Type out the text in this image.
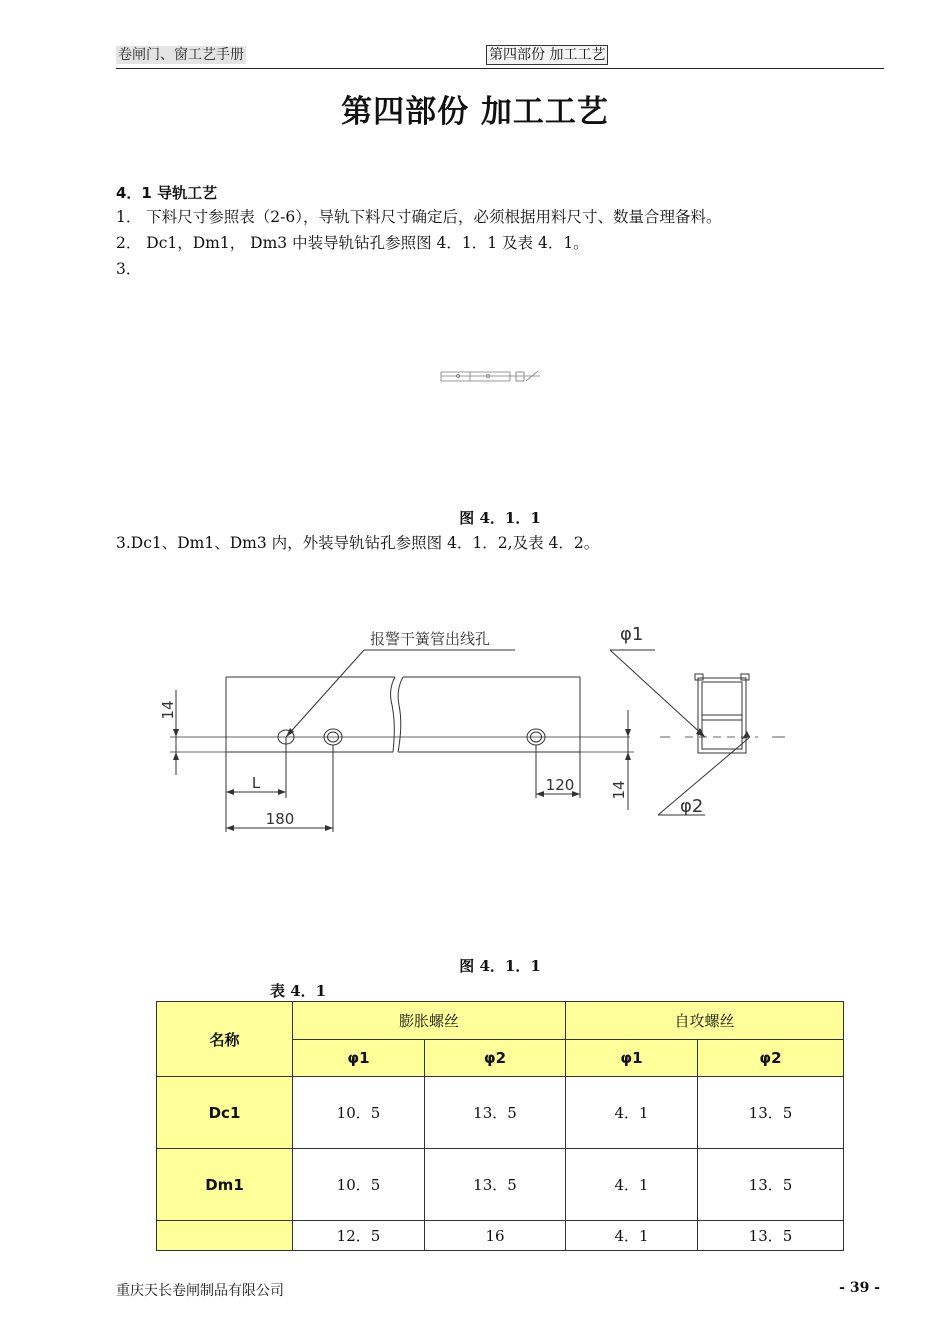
卷闸门、窗工艺手册	第四部份 加工工艺
第四部份 加工工艺
4．1 导轨工艺
1． 下料尺寸参照表（2-6），导轨下料尺寸确定后，必须根据用料尺寸、数量合理备料。
2． Dc1，Dm1， Dm3 中装导轨钻孔参照图 4．1．1 及表 4．1。
3．
图 4．1．1
3.Dc1、Dm1、Dm3 内，外装导轨钻孔参照图 4．1．2,及表 4．2。
报警干簧管出线孔
14
L
180
120 14
φ1
φ2
图 4．1．1
表 4．1
名称	膨胀螺丝		自攻螺丝	
	φ1	φ2	φ1	φ2
Dc1	10．5	13．5	4．1	13．5
Dm1	10．5	13．5	4．1	13．5
	12．5	16	4．1	13．5
重庆天长卷闸制品有限公司	- 39 -
